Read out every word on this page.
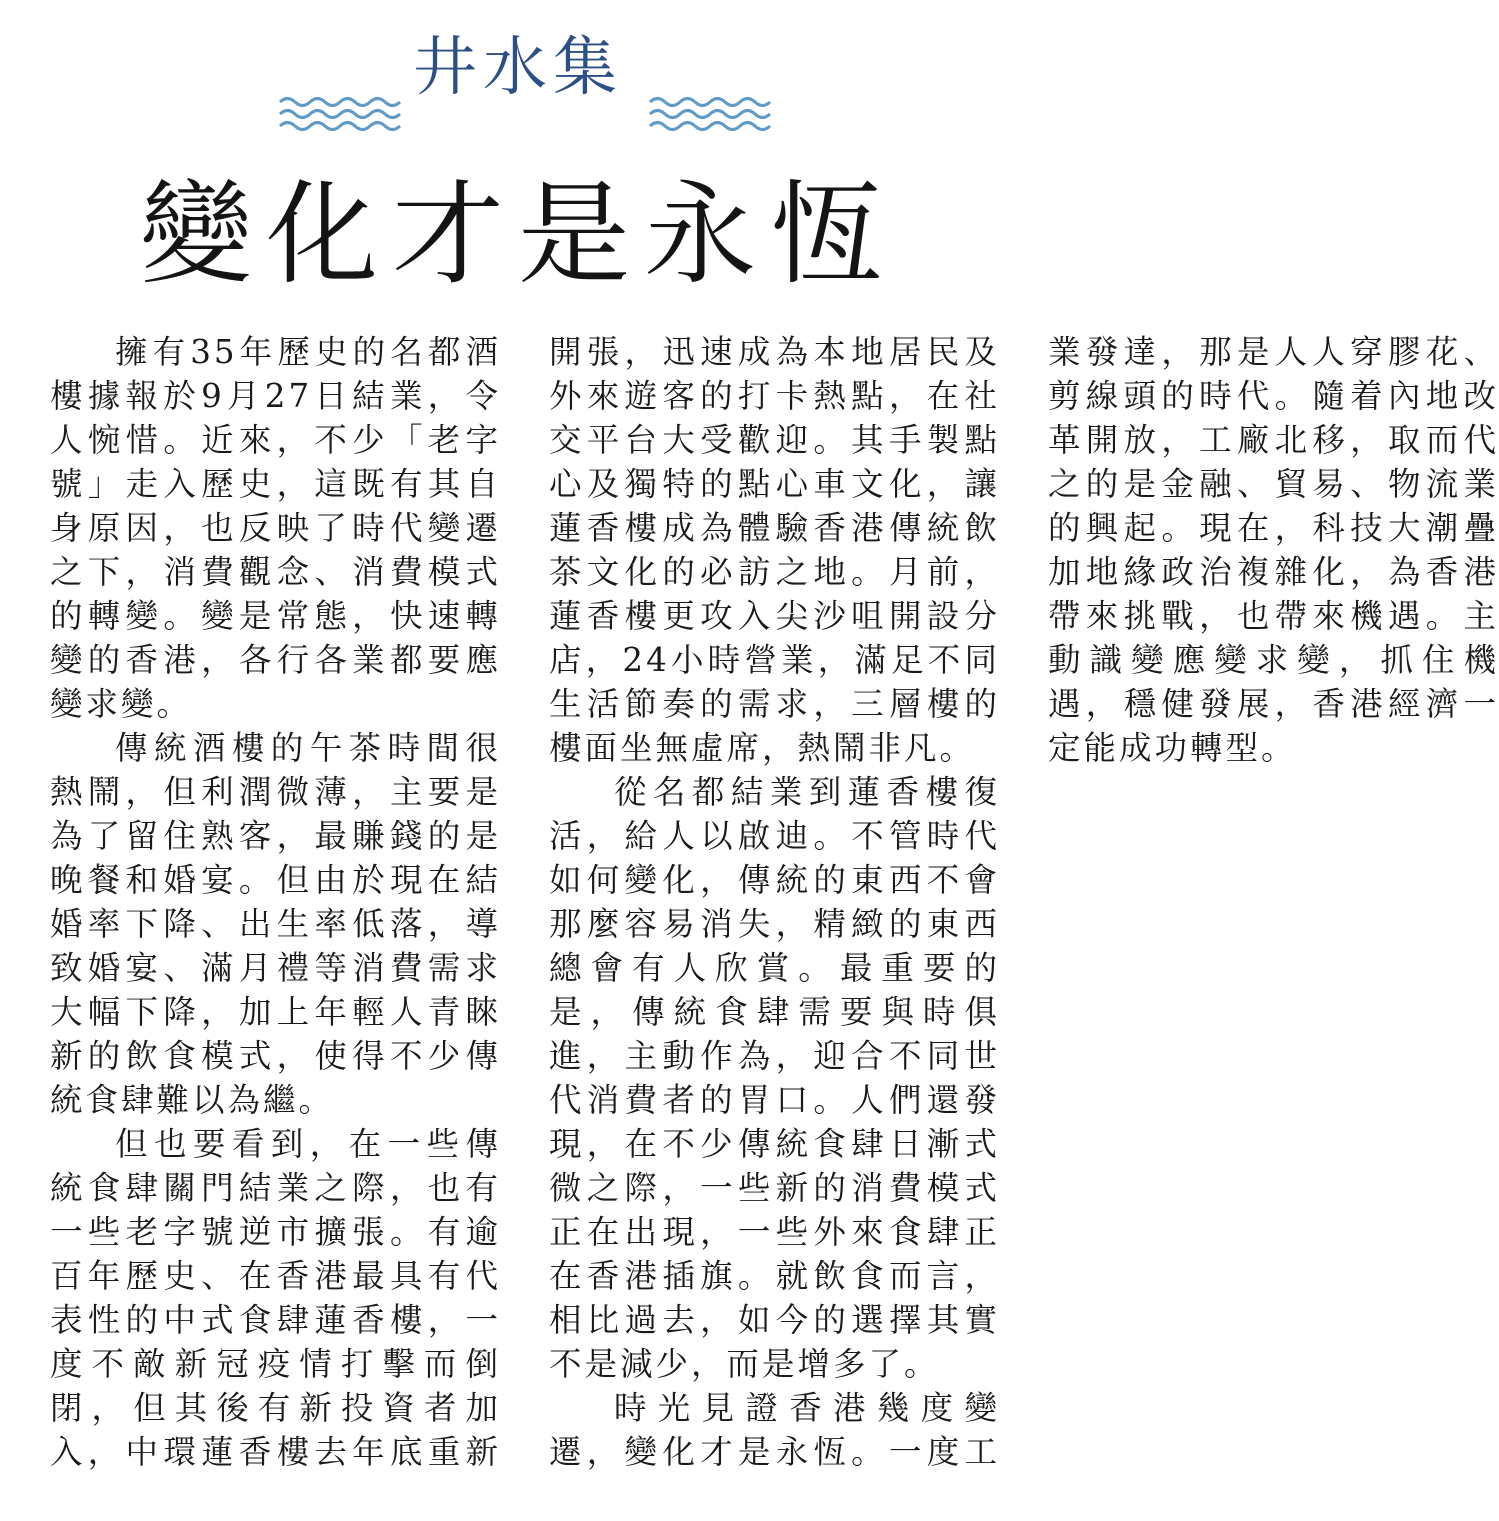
井水集
變化才是永恆

擁有35年歷史的名都酒樓據報於9月27日結業，令人惋惜。近來，不少「老字號」走入歷史，這既有其自身原因，也反映了時代變遷之下，消費觀念、消費模式的轉變。變是常態，快速轉變的香港，各行各業都要應變求變。

傳統酒樓的午茶時間很熱鬧，但利潤微薄，主要是為了留住熟客，最賺錢的是晚餐和婚宴。但由於現在結婚率下降、出生率低落，導致婚宴、滿月禮等消費需求大幅下降，加上年輕人青睞新的飲食模式，使得不少傳統食肆難以為繼。

但也要看到，在一些傳統食肆關門結業之際，也有一些老字號逆市擴張。有逾百年歷史、在香港最具有代表性的中式食肆蓮香樓，一度不敵新冠疫情打擊而倒閉，但其後有新投資者加入，中環蓮香樓去年底重新開張，迅速成為本地居民及外來遊客的打卡熱點，在社交平台大受歡迎。其手製點心及獨特的點心車文化，讓蓮香樓成為體驗香港傳統飲茶文化的必訪之地。月前，蓮香樓更攻入尖沙咀開設分店，24小時營業，滿足不同生活節奏的需求，三層樓的樓面坐無虛席，熱鬧非凡。

從名都結業到蓮香樓復活，給人以啟迪。不管時代如何變化，傳統的東西不會那麼容易消失，精緻的東西總會有人欣賞。最重要的是，傳統食肆需要與時俱進，主動作為，迎合不同世代消費者的胃口。人們還發現，在不少傳統食肆日漸式微之際，一些新的消費模式正在出現，一些外來食肆正在香港插旗。就飲食而言，相比過去，如今的選擇其實不是減少，而是增多了。

時光見證香港幾度變遷，變化才是永恆。一度工業發達，那是人人穿膠花、剪線頭的時代。隨着內地改革開放，工廠北移，取而代之的是金融、貿易、物流業的興起。現在，科技大潮疊加地緣政治複雜化，為香港帶來挑戰，也帶來機遇。主動識變應變求變，抓住機遇，穩健發展，香港經濟一定能成功轉型。
